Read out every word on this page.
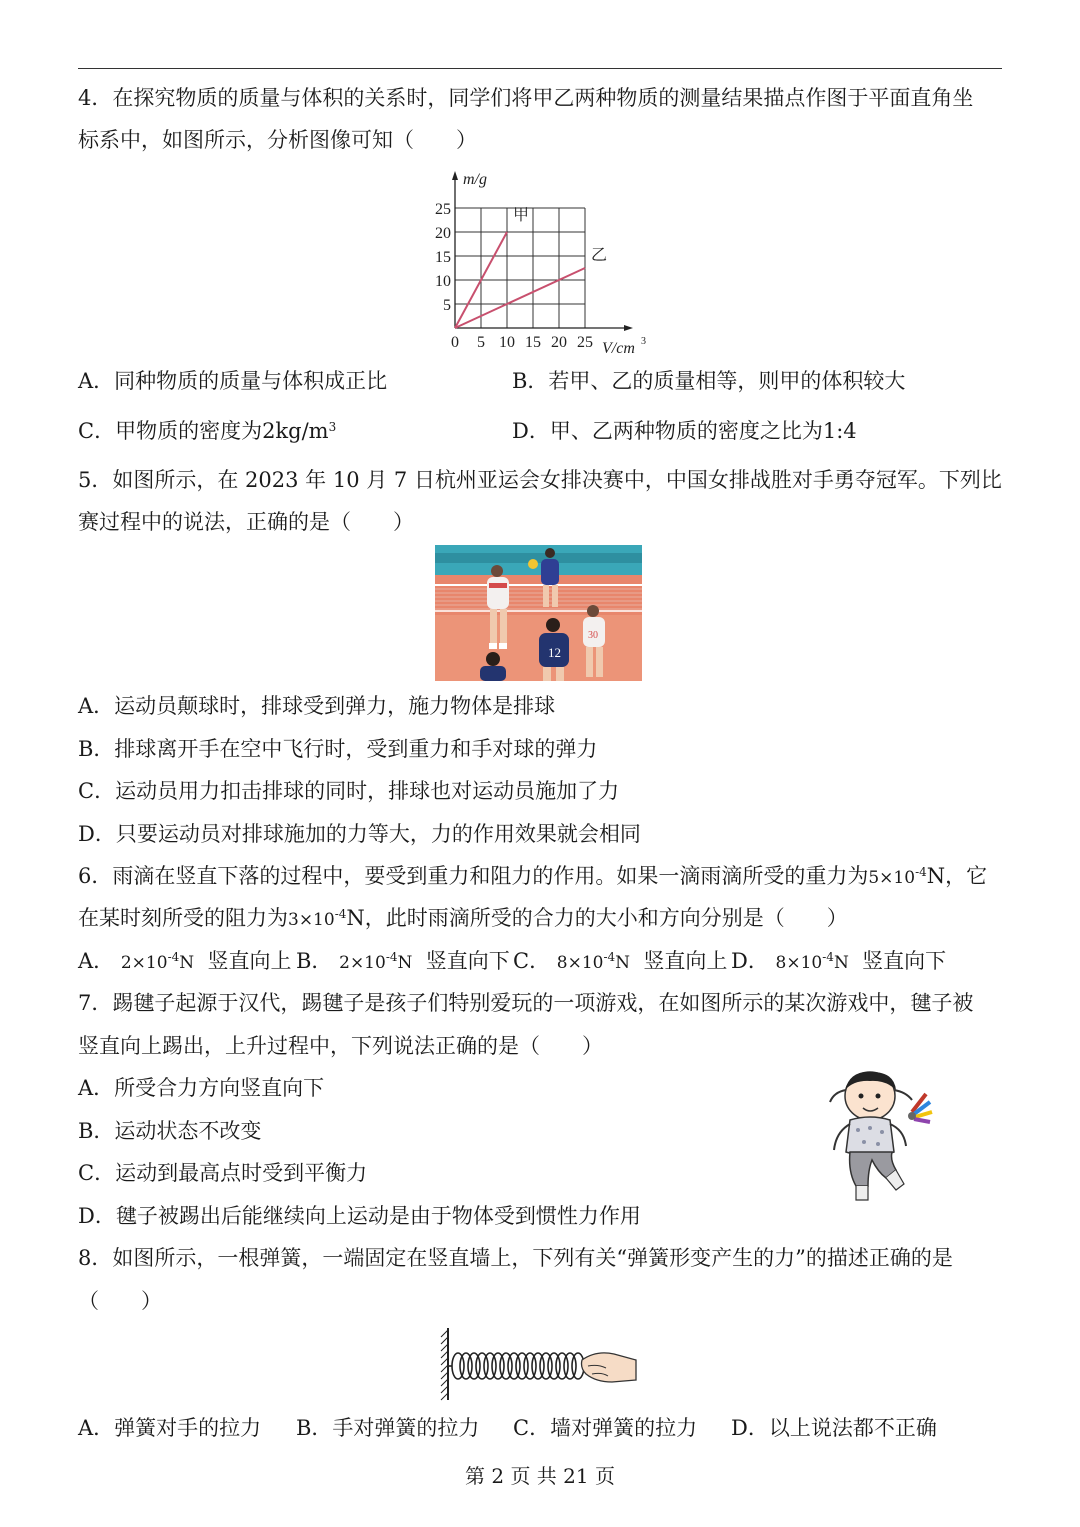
4．在探究物质的质量与体积的关系时，同学们将甲乙两种物质的测量结果描点作图于平面直角坐
标系中，如图所示，分析图像可知（　　）
0 5 10 15 20 25
5
10
15
20
25
m/g
V/cm 3
甲
乙
A．同种物质的质量与体积成正比	B．若甲、乙的质量相等，则甲的体积较大
C．甲物质的密度为$2kg/m^3$	D．甲、乙两种物质的密度之比为1:4
5．如图所示，在 2023 年 10 月 7 日杭州亚运会女排决赛中，中国女排战胜对手勇夺冠军。下列比
赛过程中的说法，正确的是（　　）
12
30
A．运动员颠球时，排球受到弹力，施力物体是排球
B．排球离开手在空中飞行时，受到重力和手对球的弹力
C．运动员用力扣击排球的同时，排球也对运动员施加了力
D．只要运动员对排球施加的力等大，力的作用效果就会相同
6．雨滴在竖直下落的过程中，要受到重力和阻力的作用。如果一滴雨滴所受的重力为$5\times 10^{-4}N$，它
在某时刻所受的阻力为$3\times 10^{-4}N$，此时雨滴所受的合力的大小和方向分别是（　　）
A． $2\times 10^{-4}N$ 竖直向上 B． $2\times 10^{-4}N$ 竖直向下 C． $8\times 10^{-4}N$ 竖直向上 D． $8\times 10^{-4}N$ 竖直向下
7．踢毽子起源于汉代，踢毽子是孩子们特别爱玩的一项游戏，在如图所示的某次游戏中，毽子被
竖直向上踢出，上升过程中，下列说法正确的是（　　）
A．所受合力方向竖直向下
B．运动状态不改变
C．运动到最高点时受到平衡力
D．毽子被踢出后能继续向上运动是由于物体受到惯性力作用
8．如图所示，一根弹簧，一端固定在竖直墙上，下列有关“弹簧形变产生的力”的描述正确的是
（　　）
A．弹簧对手的拉力 B．手对弹簧的拉力 C．墙对弹簧的拉力 D．以上说法都不正确
第 2 页 共 21 页
